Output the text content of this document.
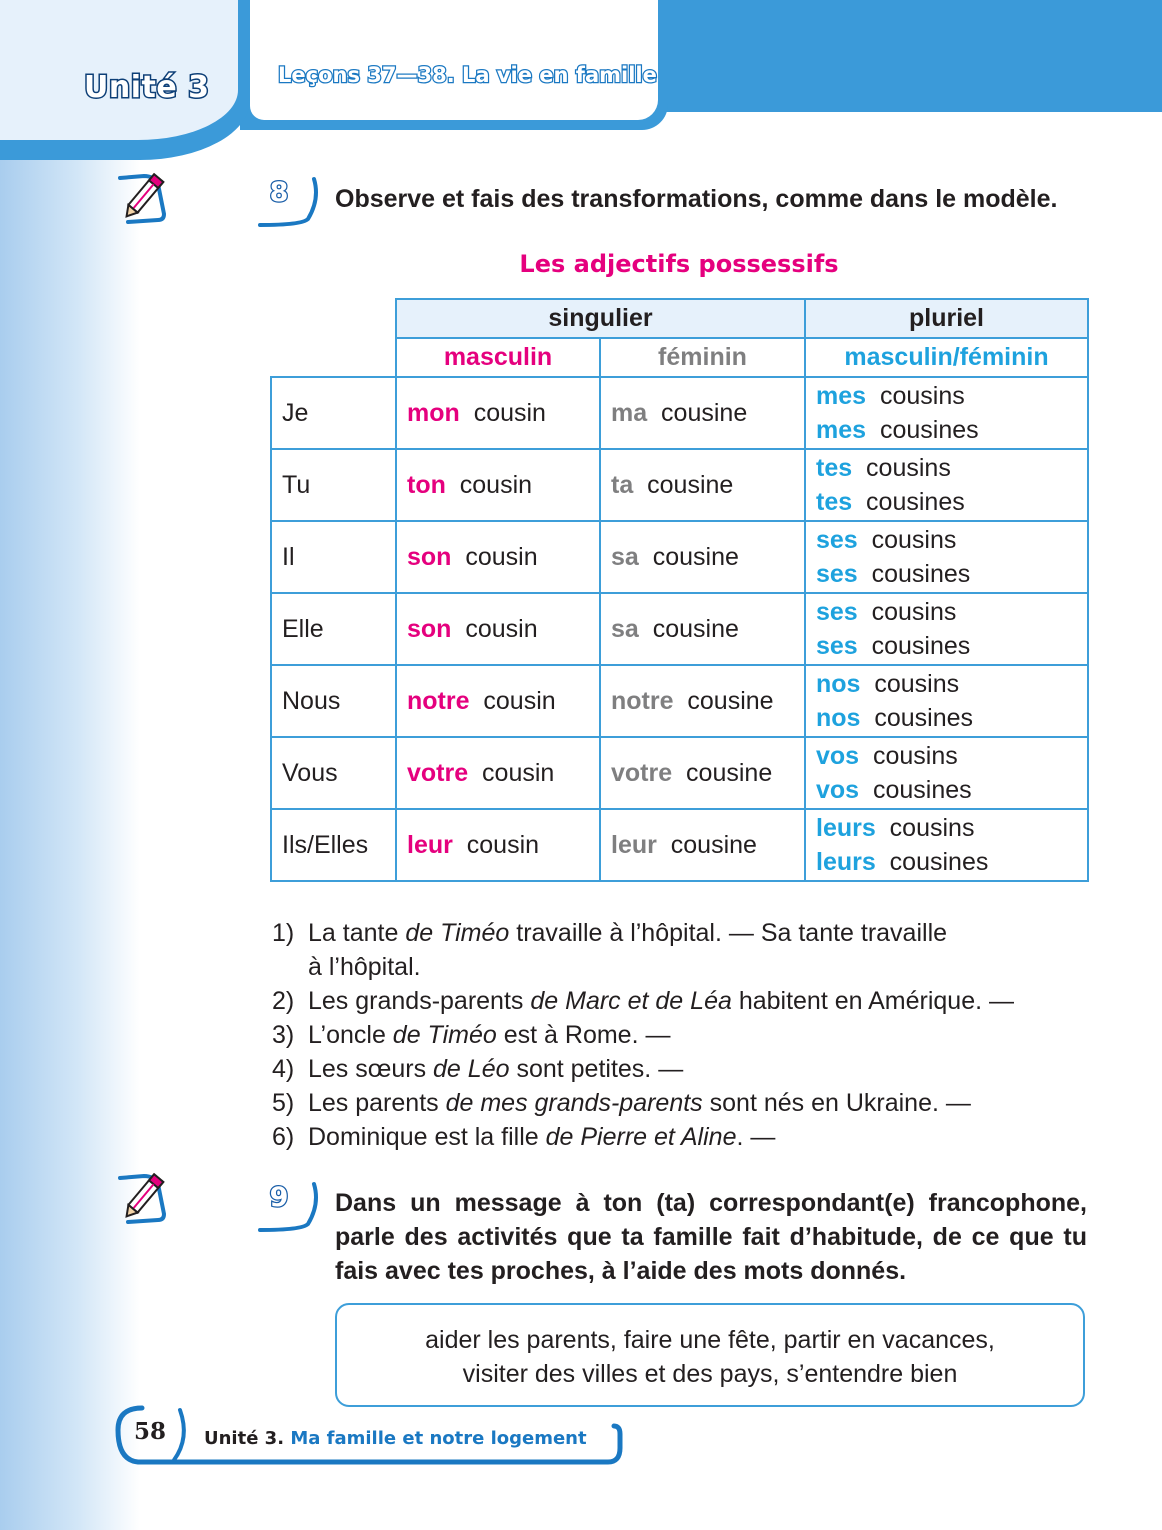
Unité 3	Leçons 37—38. La vie en famille
8	Observe et fais des transformations, comme dans le modèle.
Les adjectifs possessifs
	singulier		pluriel
	masculin	féminin	masculin/féminin
Je	mon cousin	ma cousine	mes cousins
mes cousines

Tu	ton cousin	ta cousine	tes cousins
tes cousines

Il	son cousin	sa cousine	ses cousins
ses cousines

Elle	son cousin	sa cousine	ses cousins
ses cousines

Nous	notre cousin	notre cousine	nos cousins
nos cousines

Vous	votre cousin	votre cousine	vos cousins
vos cousines

Ils/Elles	leur cousin	leur cousine	leurs cousins
leurs cousines
1) La tante de Timéo travaille à l’hôpital. — Sa tante travaille
à l’hôpital.
2) Les grands-parents de Marc et de Léa habitent en Amérique. —
3) L’oncle de Timéo est à Rome. —
4) Les sœurs de Léo sont petites. —
5) Les parents de mes grands-parents sont nés en Ukraine. —
6) Dominique est la fille de Pierre et Aline. —
9	Dans un message à ton (ta) correspondant(e) francophone, parle des activités que ta famille fait d’habitude, de ce que tu fais avec tes proches, à l’aide des mots donnés.
aider les parents, faire une fête, partir en vacances,
visiter des villes et des pays, s’entendre bien
58 Unité 3. Ma famille et notre logement
